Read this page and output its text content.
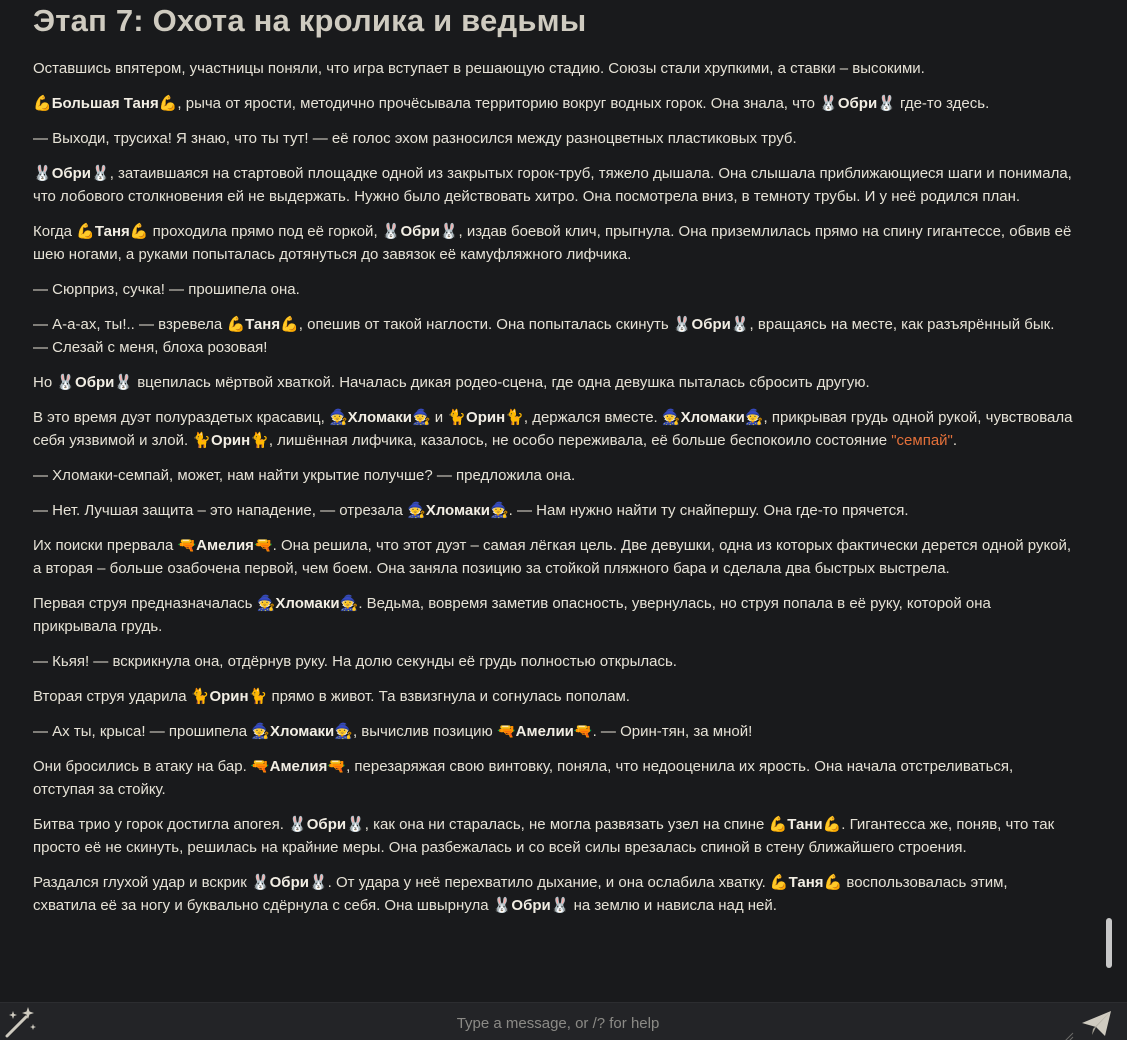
Этап 7: Охота на кролика и ведьмы

Оставшись впятером, участницы поняли, что игра вступает в решающую стадию. Союзы стали хрупкими, а ставки – высокими.

💪Большая Таня💪, рыча от ярости, методично прочёсывала территорию вокруг водных горок. Она знала, что 🐰Обри🐰 где-то здесь.

— Выходи, трусиха! Я знаю, что ты тут! — её голос эхом разносился между разноцветных пластиковых труб.

🐰Обри🐰, затаившаяся на стартовой площадке одной из закрытых горок-труб, тяжело дышала. Она слышала приближающиеся шаги и понимала, что лобового столкновения ей не выдержать. Нужно было действовать хитро. Она посмотрела вниз, в темноту трубы. И у неё родился план.

Когда 💪Таня💪 проходила прямо под её горкой, 🐰Обри🐰, издав боевой клич, прыгнула. Она приземлилась прямо на спину гигантессе, обвив её шею ногами, а руками попыталась дотянуться до завязок её камуфляжного лифчика.

— Сюрприз, сучка! — прошипела она.

— А-а-ах, ты!.. — взревела 💪Таня💪, опешив от такой наглости. Она попыталась скинуть 🐰Обри🐰, вращаясь на месте, как разъярённый бык. — Слезай с меня, блоха розовая!

Но 🐰Обри🐰 вцепилась мёртвой хваткой. Началась дикая родео-сцена, где одна девушка пыталась сбросить другую.

В это время дуэт полураздетых красавиц, 🧙Хломаки🧙 и 🐈Орин🐈, держался вместе. 🧙Хломаки🧙, прикрывая грудь одной рукой, чувствовала себя уязвимой и злой. 🐈Орин🐈, лишённая лифчика, казалось, не особо переживала, её больше беспокоило состояние "семпай".

— Хломаки-семпай, может, нам найти укрытие получше? — предложила она.

— Нет. Лучшая защита – это нападение, — отрезала 🧙Хломаки🧙. — Нам нужно найти ту снайпершу. Она где-то прячется.

Их поиски прервала 🔫Амелия🔫. Она решила, что этот дуэт – самая лёгкая цель. Две девушки, одна из которых фактически дерется одной рукой, а вторая – больше озабочена первой, чем боем. Она заняла позицию за стойкой пляжного бара и сделала два быстрых выстрела.

Первая струя предназначалась 🧙Хломаки🧙. Ведьма, вовремя заметив опасность, увернулась, но струя попала в её руку, которой она прикрывала грудь.

— Кьяя! — вскрикнула она, отдёрнув руку. На долю секунды её грудь полностью открылась.

Вторая струя ударила 🐈Орин🐈 прямо в живот. Та взвизгнула и согнулась пополам.

— Ах ты, крыса! — прошипела 🧙Хломаки🧙, вычислив позицию 🔫Амелии🔫. — Орин-тян, за мной!

Они бросились в атаку на бар. 🔫Амелия🔫, перезаряжая свою винтовку, поняла, что недооценила их ярость. Она начала отстреливаться, отступая за стойку.

Битва трио у горок достигла апогея. 🐰Обри🐰, как она ни старалась, не могла развязать узел на спине 💪Тани💪. Гигантесса же, поняв, что так просто её не скинуть, решилась на крайние меры. Она разбежалась и со всей силы врезалась спиной в стену ближайшего строения.

Раздался глухой удар и вскрик 🐰Обри🐰. От удара у неё перехватило дыхание, и она ослабила хватку. 💪Таня💪 воспользовалась этим, схватила её за ногу и буквально сдёрнула с себя. Она швырнула 🐰Обри🐰 на землю и нависла над ней.

Type a message, or /? for help
